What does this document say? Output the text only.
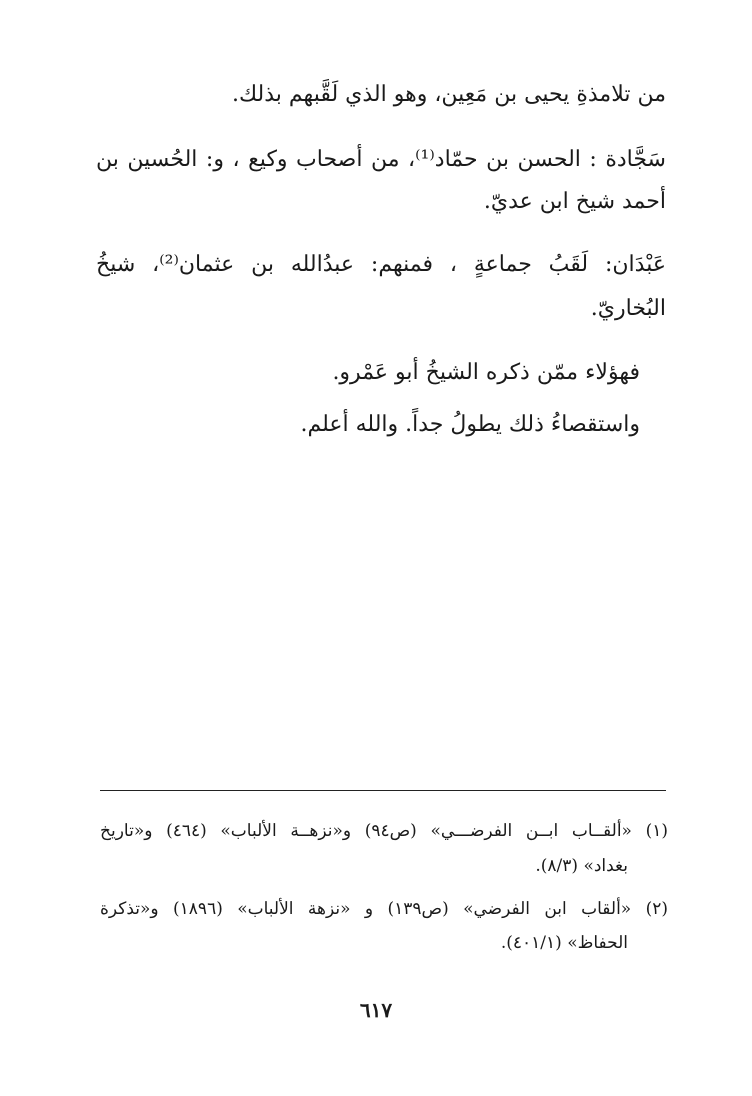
من تلامذةِ يحيى بن مَعِين، وهو الذي لَقَّبهم بذلك.
سَجَّادة : الحسن بن حمّاد⁽¹⁾، من أصحاب وكيع ، و: الحُسين بن
أحمد شيخ ابن عديّ.
عَبْدَان: لَقَبُ جماعةٍ ، فمنهم: عبدُالله بن عثمان⁽²⁾، شيخُ
البُخاريّ.
فهؤلاء ممّن ذكره الشيخُ أبو عَمْرو.
واستقصاءُ ذلك يطولُ جداً. والله أعلم.
(١) «ألقــاب ابــن الفرضـــي» (ص٩٤) و«نزهــة الألباب» (٤٦٤) و«تاريخ
بغداد» (٨/٣).
(٢) «ألقاب ابن الفرضي» (ص١٣٩) و «نزهة الألباب» (١٨٩٦) و«تذكرة
الحفاظ» (٤٠١/١).
٦١٧
